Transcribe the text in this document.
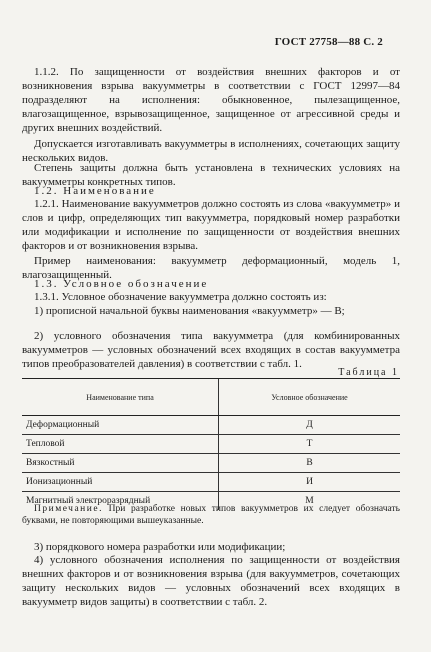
ГОСТ 27758—88 С. 2

1.1.2. По защищенности от воздействия внешних факторов и от возникновения взрыва вакуумметры в соответствии с ГОСТ 12997—84 подразделяют на исполнения: обыкновенное, пылезащищенное, влагозащищенное, взрывозащищенное, защищенное от агрессивной среды и других внешних воздействий.

Допускается изготавливать вакуумметры в исполнениях, сочетающих защиту нескольких видов.

Степень защиты должна быть установлена в технических условиях на вакуумметры конкретных типов.

1.2. Наименование

1.2.1. Наименование вакуумметров должно состоять из слова «вакуумметр» и слов и цифр, определяющих тип вакуумметра, порядковый номер разработки или модификации и исполнение по защищенности от воздействия внешних факторов и от возникновения взрыва.

Пример наименования: вакуумметр деформационный, модель 1, влагозащищенный.

1.3. Условное обозначение

1.3.1. Условное обозначение вакуумметра должно состоять из:

1) прописной начальной буквы наименования «вакуумметр» — В;

2) условного обозначения типа вакуумметра (для комбинированных вакуумметров — условных обозначений всех входящих в состав вакуумметра типов преобразователей давления) в соответствии с табл. 1.

Таблица 1
Наименование типа	Условное обозначение
Деформационный	Д
Тепловой	Т
Вязкостный	В
Ионизационный	И
Магнитный электроразрядный	М
Примечание. При разработке новых типов вакуумметров их следует обозначать буквами, не повторяющими вышеуказанные.

3) порядкового номера разработки или модификации;

4) условного обозначения исполнения по защищенности от воздействия внешних факторов и от возникновения взрыва (для вакуумметров, сочетающих защиту нескольких видов — условных обозначений всех входящих в вакуумметр видов защиты) в соответствии с табл. 2.
